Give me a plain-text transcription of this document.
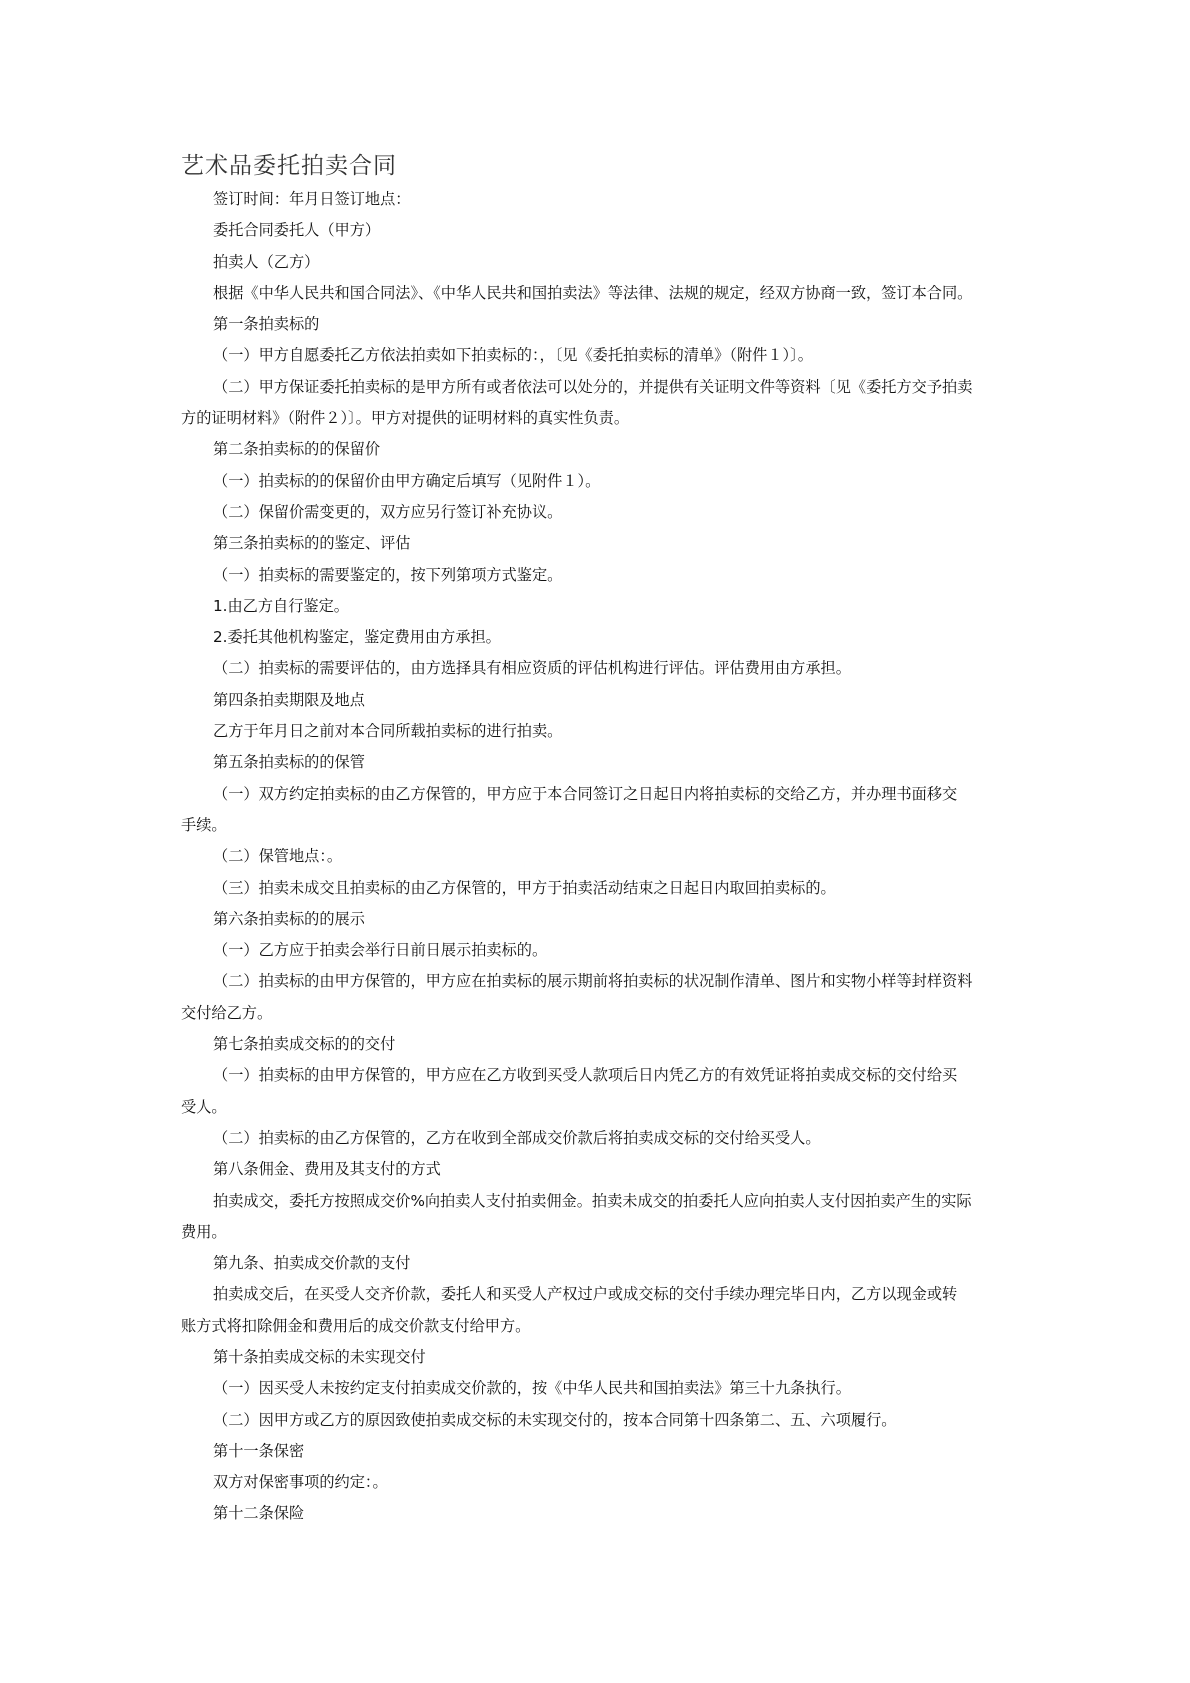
艺术品委托拍卖合同

签订时间：年月日签订地点：

委托合同委托人（甲方）

拍卖人（乙方）

根据《中华人民共和国合同法》、《中华人民共和国拍卖法》等法律、法规的规定，经双方协商一致，签订本合同。

第一条拍卖标的

（一）甲方自愿委托乙方依法拍卖如下拍卖标的：，〔见《委托拍卖标的清单》（附件１）〕。

（二）甲方保证委托拍卖标的是甲方所有或者依法可以处分的，并提供有关证明文件等资料〔见《委托方交予拍卖

方的证明材料》（附件２）〕。甲方对提供的证明材料的真实性负责。

第二条拍卖标的的保留价

（一）拍卖标的的保留价由甲方确定后填写（见附件１）。

（二）保留价需变更的，双方应另行签订补充协议。

第三条拍卖标的的鉴定、评估

（一）拍卖标的需要鉴定的，按下列第项方式鉴定。

1.由乙方自行鉴定。

2.委托其他机构鉴定，鉴定费用由方承担。

（二）拍卖标的需要评估的，由方选择具有相应资质的评估机构进行评估。评估费用由方承担。

第四条拍卖期限及地点

乙方于年月日之前对本合同所载拍卖标的进行拍卖。

第五条拍卖标的的保管

（一）双方约定拍卖标的由乙方保管的，甲方应于本合同签订之日起日内将拍卖标的交给乙方，并办理书面移交

手续。

（二）保管地点：。

（三）拍卖未成交且拍卖标的由乙方保管的，甲方于拍卖活动结束之日起日内取回拍卖标的。

第六条拍卖标的的展示

（一）乙方应于拍卖会举行日前日展示拍卖标的。

（二）拍卖标的由甲方保管的，甲方应在拍卖标的展示期前将拍卖标的状况制作清单、图片和实物小样等封样资料

交付给乙方。

第七条拍卖成交标的的交付

（一）拍卖标的由甲方保管的，甲方应在乙方收到买受人款项后日内凭乙方的有效凭证将拍卖成交标的交付给买

受人。

（二）拍卖标的由乙方保管的，乙方在收到全部成交价款后将拍卖成交标的交付给买受人。

第八条佣金、费用及其支付的方式

拍卖成交，委托方按照成交价%向拍卖人支付拍卖佣金。拍卖未成交的拍委托人应向拍卖人支付因拍卖产生的实际

费用。

第九条、拍卖成交价款的支付

拍卖成交后，在买受人交齐价款，委托人和买受人产权过户或成交标的交付手续办理完毕日内，乙方以现金或转

账方式将扣除佣金和费用后的成交价款支付给甲方。

第十条拍卖成交标的未实现交付

（一）因买受人未按约定支付拍卖成交价款的，按《中华人民共和国拍卖法》第三十九条执行。

（二）因甲方或乙方的原因致使拍卖成交标的未实现交付的，按本合同第十四条第二、五、六项履行。

第十一条保密

双方对保密事项的约定：。

第十二条保险
